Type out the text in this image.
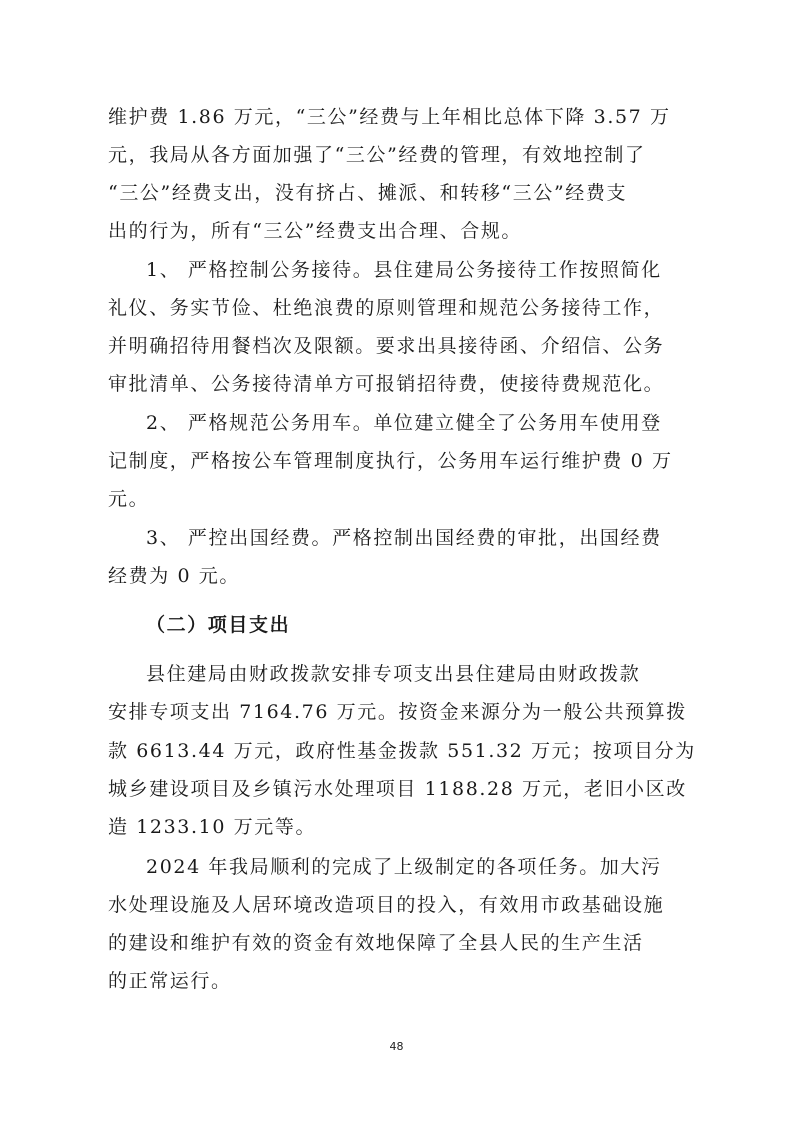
维护费 1.86 万元，“三公”经费与上年相比总体下降 3.57 万
元，我局从各方面加强了“三公”经费的管理，有效地控制了
“三公”经费支出，没有挤占、摊派、和转移“三公”经费支
出的行为，所有“三公”经费支出合理、合规。
1、 严格控制公务接待。县住建局公务接待工作按照简化
礼仪、务实节俭、杜绝浪费的原则管理和规范公务接待工作，
并明确招待用餐档次及限额。要求出具接待函、介绍信、公务
审批清单、公务接待清单方可报销招待费，使接待费规范化。
2、 严格规范公务用车。单位建立健全了公务用车使用登
记制度，严格按公车管理制度执行，公务用车运行维护费 0 万
元。
3、 严控出国经费。严格控制出国经费的审批，出国经费
经费为 0 元。
（二）项目支出
县住建局由财政拨款安排专项支出县住建局由财政拨款
安排专项支出 7164.76 万元。按资金来源分为一般公共预算拨
款 6613.44 万元，政府性基金拨款 551.32 万元；按项目分为
城乡建设项目及乡镇污水处理项目 1188.28 万元，老旧小区改
造 1233.10 万元等。
2024 年我局顺利的完成了上级制定的各项任务。加大污
水处理设施及人居环境改造项目的投入，有效用市政基础设施
的建设和维护有效的资金有效地保障了全县人民的生产生活
的正常运行。
48
